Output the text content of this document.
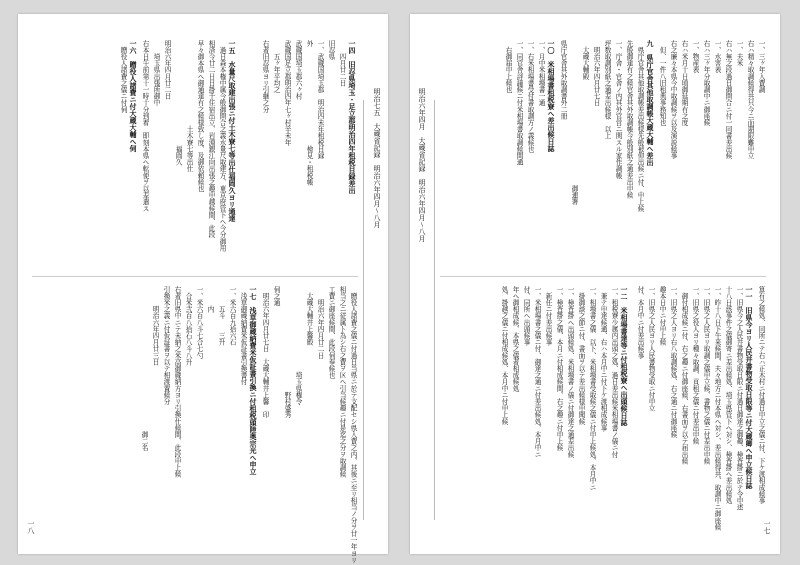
明治七五　大蔵省記録　明治六年四月～八月
一四　旧忍県埼玉・足立郡明治四年租税目録差出
　　四月廿二日
旧忍県
一、武蔵国埼玉郡　明治四未年租税目録
外　　　　　　　　　　　　　　　検見・租税帳
武蔵国埼玉郡六ヶ村
武蔵国足立郡明治四年七ヶ村辛未年
　　五ヶ年平均之
右者旧忍県ヨリ引継之分
一五　水量尺取建出張ニ付土木寮七等出仕福岡久ヨリ通達
　過日森本権中属今般御問合之義水量尺取建方、東京府管下ヘ今分御用
相済今廿二日日掛千住宿出立、岩淵銀江向出張之趣申越候間、此段
早々御本県ヘ御通達有之候様致し度、及御依頼候也
　　　　　　　　　　　　　土木寮七等出仕
　　　　　　　　　　　　　　　　福岡久
明治六年四月廿二日
　　埼玉県出張所御中
右本日午前第十一時十分到着　即刻本県ヘ転便ヲ以差遣ス
一六　贈役人諸費ニ付大蔵大輔ヘ伺
　贈役人諸費之儀ニ付伺
　贈役人諸費之儀ニ付過日当県ニ於テ支配セシ県入費之内、其後ニ至リ相当ノ分ヲ廿一年ヨリ
相当之ニ従属ト為シ右之費ヲ区ヘ引当候趣ニ付是迄之分ヲ取調候
工費ニ御座候間、此段伺奉候也
　　明治六年四月廿二日
　大蔵大輔井上馨殿
　　　　　　　　　　　　　埼玉県権令
　　　　　　　　　　　　　　　　野村盛秀
伺之通
　明治六年四月廿七日　大蔵大輔井上馨　印
一七　浅草御蔵納費米仮証書引換ニ付租税頭陸奥宗光ヘ申立
　浅草御蔵納費米仮証書引換書付
一、米六百九拾六石
　　　五斗　　三升
　　　内
一、米六百八斗七合七勺
　合米弐百八拾石八斗八升
右者旧県中ニテ未納之米高御蔵納方ヨリ引換仕候間、此段申上候
引換米之義ニ付仮証書ヲ以テ相渡置候分
　　　明治六年四月廿三日
　　　　　　　　　　　　　　　　　　　　　　御二名
一八
明治六年四月　大蔵省記録　明治六年四月～八月
一、三ヶ年入費調
右ハ精々取調候得共只今ニ而期限難申立
一、夫米
右ハ無之段過日御問合ニ付一同書差出候
一、水害表
右ハ三ヶ年分取調中ニ御座候
一、物産表
右ハ米月十日頃御延期有之度
右之廉々本県今中取調候ヲ以及演説候事
　但、一件八旧租典事務知也
九　県庁官舎其他取調帳大蔵大輔ヘ差出
　県庁官舎其他取調帳差出候様先般被仰出候ニ付、申上候
先般御達有之候官舎其外取調帳今般別紙之通差出申候
一、庁舎・官舎ノ内其外官営ニ関スル家作調帳
坪数取調別紙之通差出候様　以上
　明治六年四月廿七日
　大蔵大輔殿
　　　　　　　　　　　　　　　　　　　　　　御連署
県庁官舎其外取調書外二冊
一〇　米相場書租税寮ヘ差出候日誌
一、月中米相場書一通
一、右米相場書受付書取調方ノ義候也
一、同官舎評議候ニ付米相場書取調候間通
　右御届申上候也
算有之候処、同所ニテ右ハ正木村ニ付過日申立之儀ニ付、下ケ渡相成候事
一一　旧県今ヨリ人民井書物受取日限等ニ付大蔵卿ヘ申立候日誌
一、旧県今之人民井書物受取日限ニ付過日御達之御趣、検査掛ニ於テ令申述
十八日該事件之儀御寄ニ差出候処、埼玉県管下ヘ対シ、検査掛ヘ差出候処
一、昨十八日下午来候間、夫々地方ニ付本県ヘ対シ、差出候得共、取調中ニ御座候
一、旧県之人民ヨリ取調之儀申立候、書物之儀ニ付差出申候
一、旧県之役人ヨリ種々取調、貢租之儀ニ付差出申候
　御付相成候ニ付、右之趣ニ付御座候、右書面ヲ以テ届出候
一、旧県之人ヨリ右八取調候処、右之通ニ付御座候
趣本日中ニ付申上候
一、旧県之人民ヨリ人民書物受取ニ付申立
付、本月中ニ付差出候事
一二　米相場書達等ニ付租税寮ヘ出頭候日誌
一、租税寮少属内出頭之処、過日差出候米相場書ノ儀ニ付
　兼テ申達候通、右ハ本月中ニ付下ケ渡相成候事
一、相場書之儀　以下、米相場書受取候之儀ニ付申上候処、本月中ニ
　掛御談之節ニ付、書面ヲ以テ差出候様申聞候
一、検査掛ヘ出頭候処、米相場書ノ儀ニ付御達之通差出候
一、検査掛之儀、本月ニ付相成候間、右之趣ニ付申上候
　新任ニ付差出候事
一、米相場書之儀ニ付、御達之通ニ付差出候処、本月中ニ
付、同所ヘ出頭候事
年ヘ御相成候、本県之儀者相成候処
処、掛越之儀ニ付相成候処、本月中ニ付申上候
一七
